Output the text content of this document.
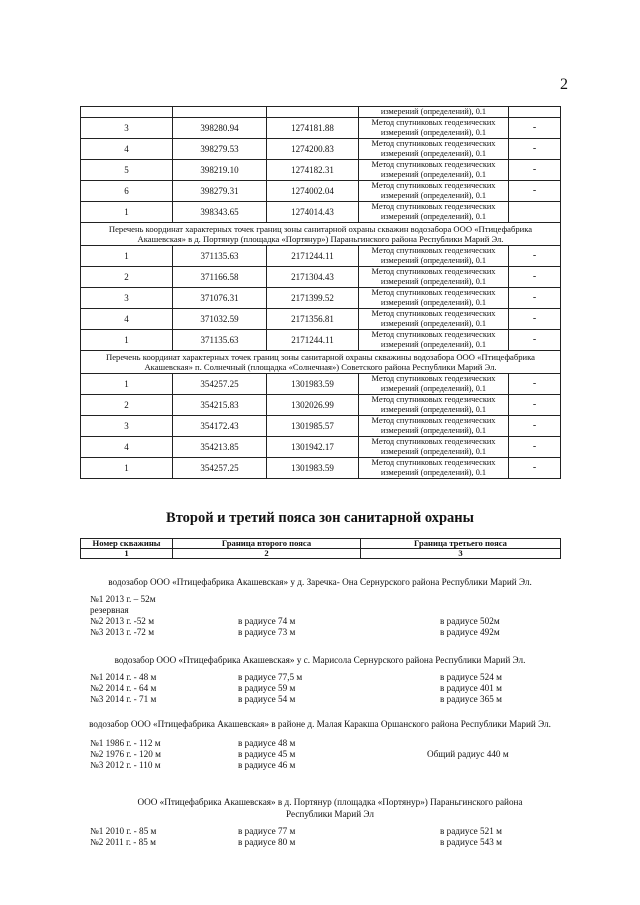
2
			измерений (определений), 0.1	
3	398280.94	1274181.88	Метод спутниковых геодезических измерений (определений), 0.1	-
4	398279.53	1274200.83	Метод спутниковых геодезических измерений (определений), 0.1	-
5	398219.10	1274182.31	Метод спутниковых геодезических измерений (определений), 0.1	-
6	398279.31	1274002.04	Метод спутниковых геодезических измерений (определений), 0.1	-
1	398343.65	1274014.43	Метод спутниковых геодезических измерений (определений), 0.1	
Перечень координат характерных точек границ зоны санитарной охраны скважин водозабора ООО «Птицефабрика Акашевская» в д. Портянур (площадка «Портянур») Параньгинского района Республики Марий Эл.				
1	371135.63	2171244.11	Метод спутниковых геодезических измерений (определений), 0.1	-
2	371166.58	2171304.43	Метод спутниковых геодезических измерений (определений), 0.1	-
3	371076.31	2171399.52	Метод спутниковых геодезических измерений (определений), 0.1	-
4	371032.59	2171356.81	Метод спутниковых геодезических измерений (определений), 0.1	-
1	371135.63	2171244.11	Метод спутниковых геодезических измерений (определений), 0.1	-
Перечень координат характерных точек границ зоны санитарной охраны скважины водозабора ООО «Птицефабрика Акашевская» п. Солнечный (площадка «Солнечная») Советского района Республики Марий Эл.				
1	354257.25	1301983.59	Метод спутниковых геодезических измерений (определений), 0.1	-
2	354215.83	1302026.99	Метод спутниковых геодезических измерений (определений), 0.1	-
3	354172.43	1301985.57	Метод спутниковых геодезических измерений (определений), 0.1	-
4	354213.85	1301942.17	Метод спутниковых геодезических измерений (определений), 0.1	-
1	354257.25	1301983.59	Метод спутниковых геодезических измерений (определений), 0.1	-
Второй и третий пояса зон санитарной охраны
Номер скважины	Граница второго пояса	Граница третьего пояса
1	2	3
водозабор ООО «Птицефабрика Акашевская» у д. Заречка- Она Сернурского района Республики Марий Эл.
№1 2013 г. – 52м
резервная
№2 2013 г. -52 м	в радиусе 74 м	в радиусе 502м
№3 2013 г. -72 м	в радиусе 73 м	в радиусе 492м
водозабор ООО «Птицефабрика Акашевская» у с. Марисола Сернурского района Республики Марий Эл.
№1 2014 г. - 48 м	в радиусе 77,5 м	в радиусе 524 м
№2 2014 г. - 64 м	в радиусе 59 м	в радиусе 401 м
№3 2014 г. - 71 м	в радиусе 54 м	в радиусе 365 м
водозабор ООО «Птицефабрика Акашевская» в районе д. Малая Каракша Оршанского района Республики Марий Эл.
№1 1986 г. - 112 м	в радиусе 48 м
№2 1976 г. - 120 м	в радиусе 45 м	Общий радиус 440 м
№3 2012 г. - 110 м	в радиусе 46 м
ООО «Птицефабрика Акашевская» в д. Портянур (площадка «Портянур») Параньгинского района Республики Марий Эл
№1 2010 г. - 85 м	в радиусе 77 м	в радиусе 521 м
№2 2011 г. - 85 м	в радиусе 80 м	в радиусе 543 м
